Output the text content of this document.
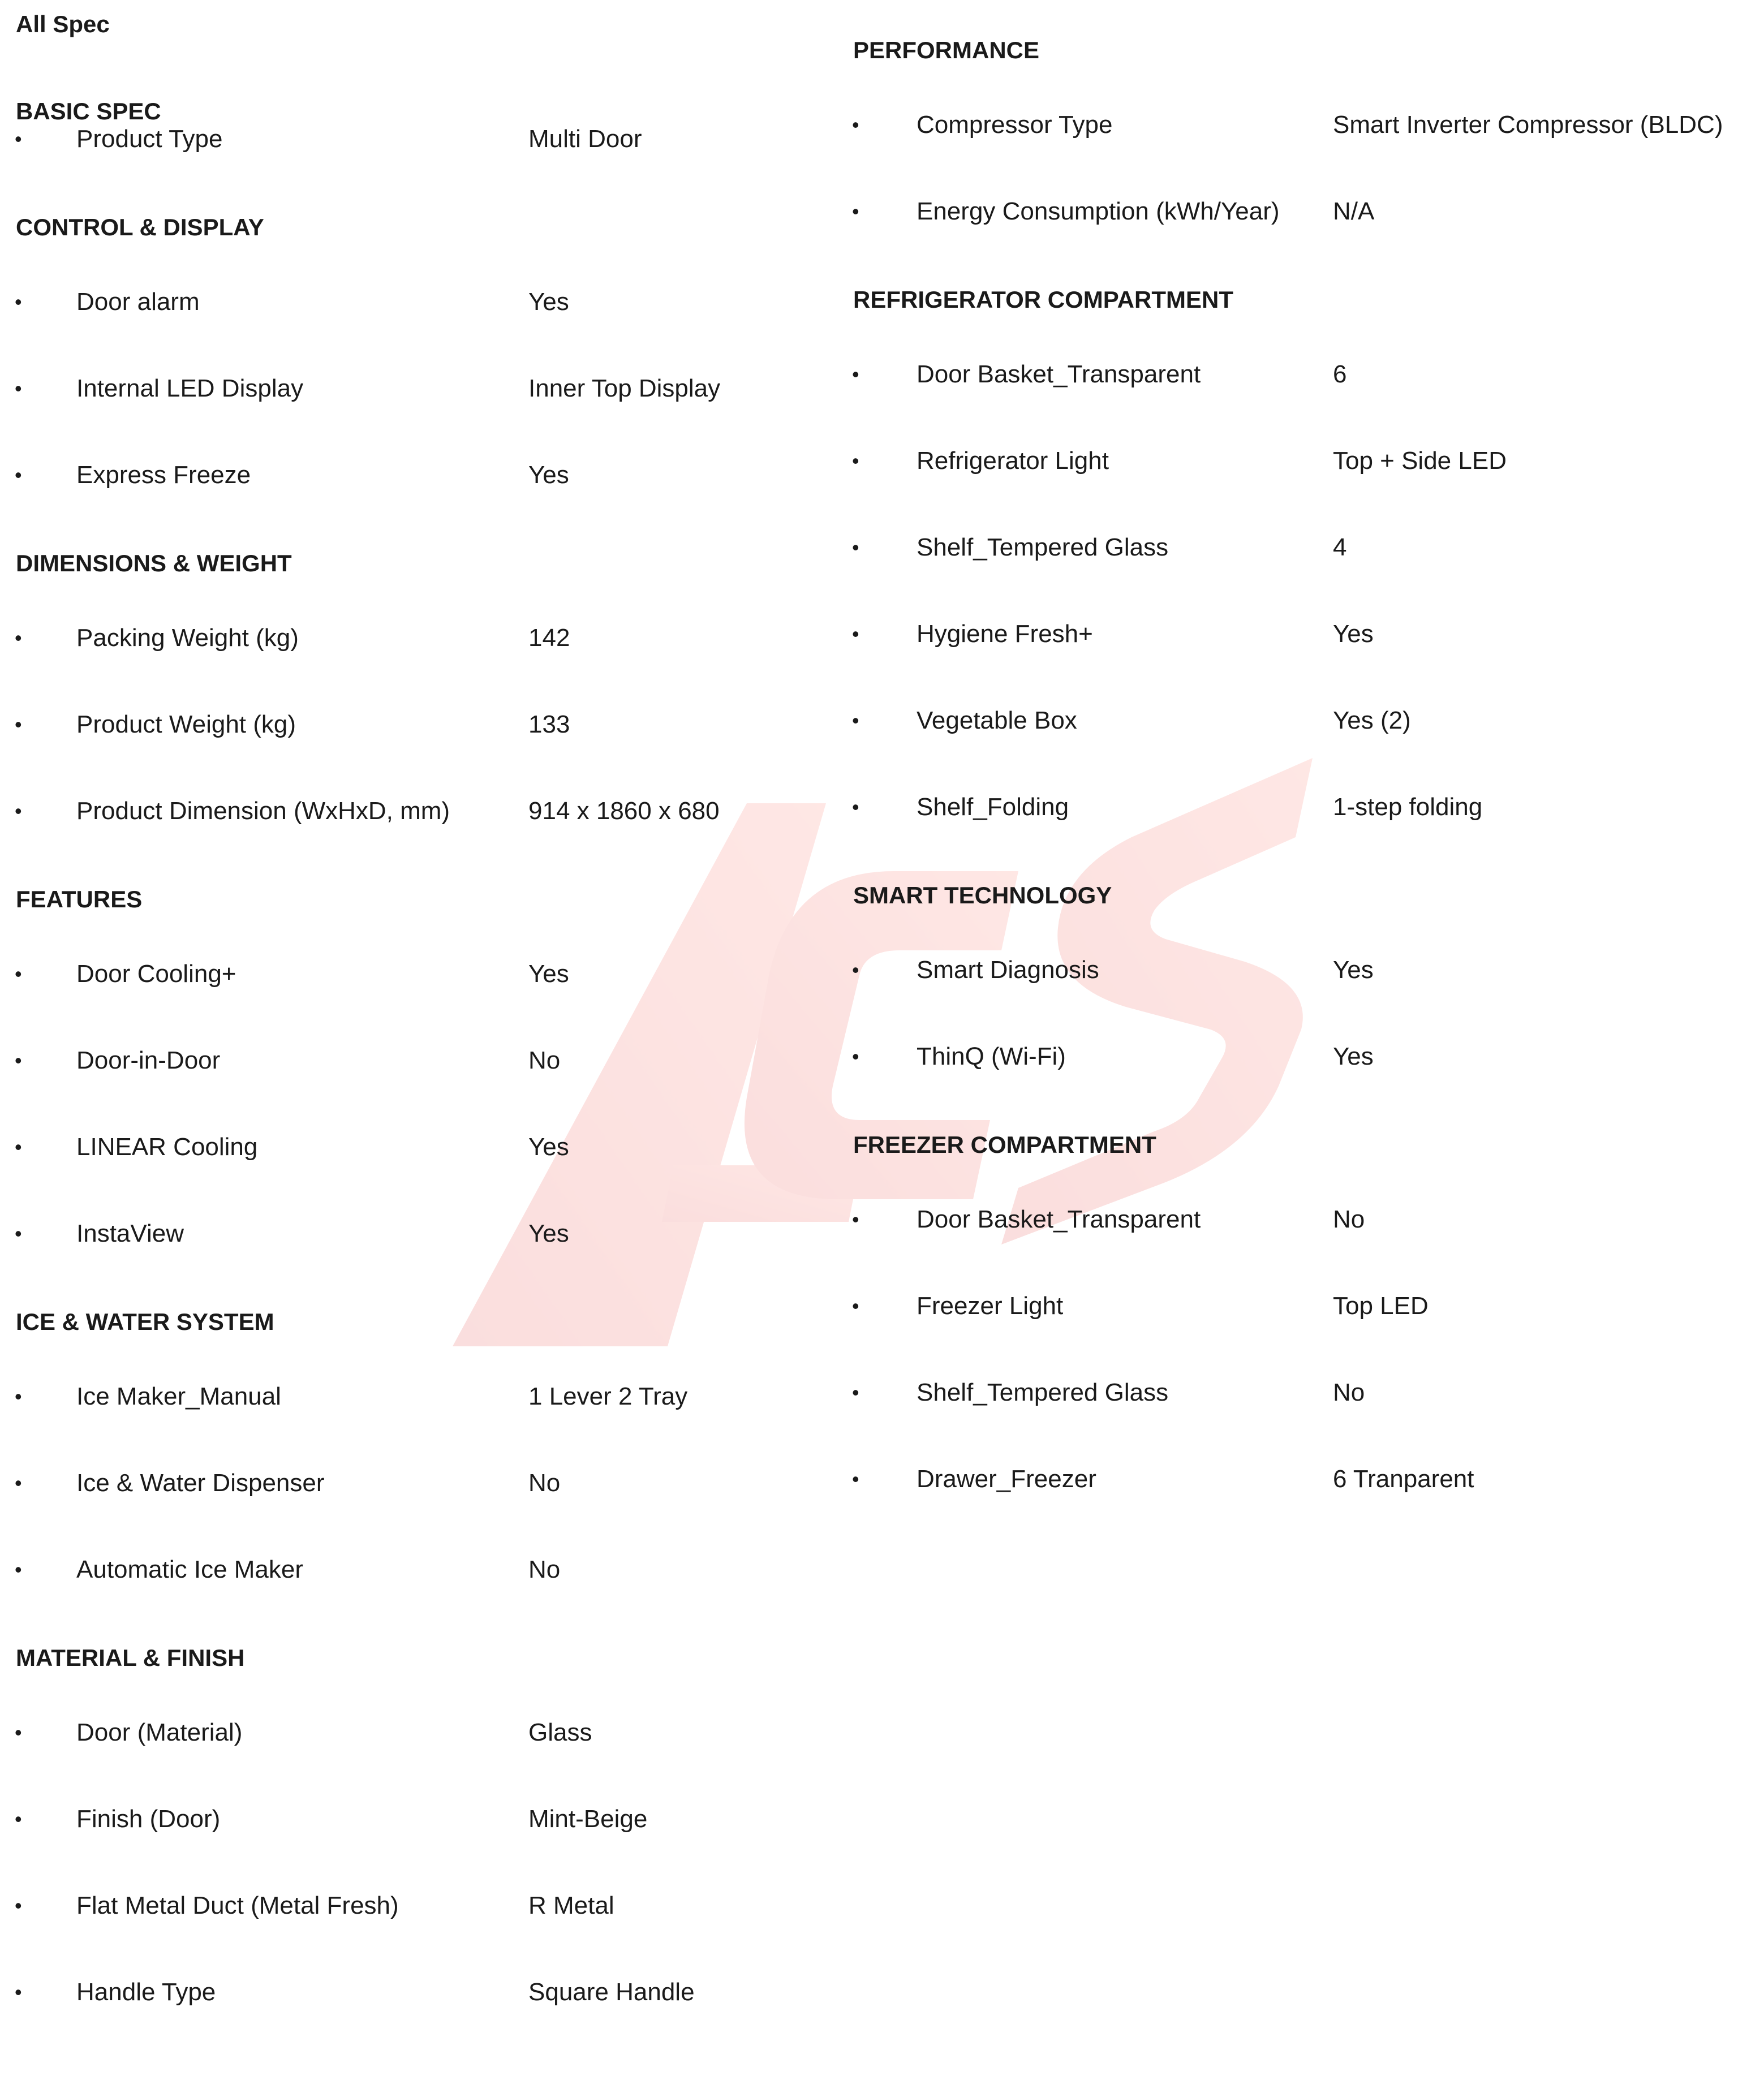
All Spec
BASIC SPEC
• Product Type	Multi Door
CONTROL & DISPLAY
• Door alarm	Yes
• Internal LED Display	Inner Top Display
• Express Freeze	Yes
DIMENSIONS & WEIGHT
• Packing Weight (kg)	142
• Product Weight (kg)	133
• Product Dimension (WxHxD, mm)	914 x 1860 x 680
FEATURES
• Door Cooling+	Yes
• Door-in-Door	No
• LINEAR Cooling	Yes
• InstaView	Yes
ICE & WATER SYSTEM
• Ice Maker_Manual	1 Lever 2 Tray
• Ice & Water Dispenser	No
• Automatic Ice Maker	No
MATERIAL & FINISH
• Door (Material)	Glass
• Finish (Door)	Mint-Beige
• Flat Metal Duct (Metal Fresh)	R Metal
• Handle Type	Square Handle
PERFORMANCE
• Compressor Type	Smart Inverter Compressor (BLDC)
• Energy Consumption (kWh/Year) N/A
REFRIGERATOR COMPARTMENT
• Door Basket_Transparent	6
• Refrigerator Light	Top + Side LED
• Shelf_Tempered Glass	4
• Hygiene Fresh+	Yes
• Vegetable Box	Yes (2)
• Shelf_Folding	1-step folding
SMART TECHNOLOGY
• Smart Diagnosis	Yes
• ThinQ (Wi-Fi)	Yes
FREEZER COMPARTMENT
• Door Basket_Transparent	No
• Freezer Light	Top LED
• Shelf_Tempered Glass	No
• Drawer_Freezer	6 Tranparent
